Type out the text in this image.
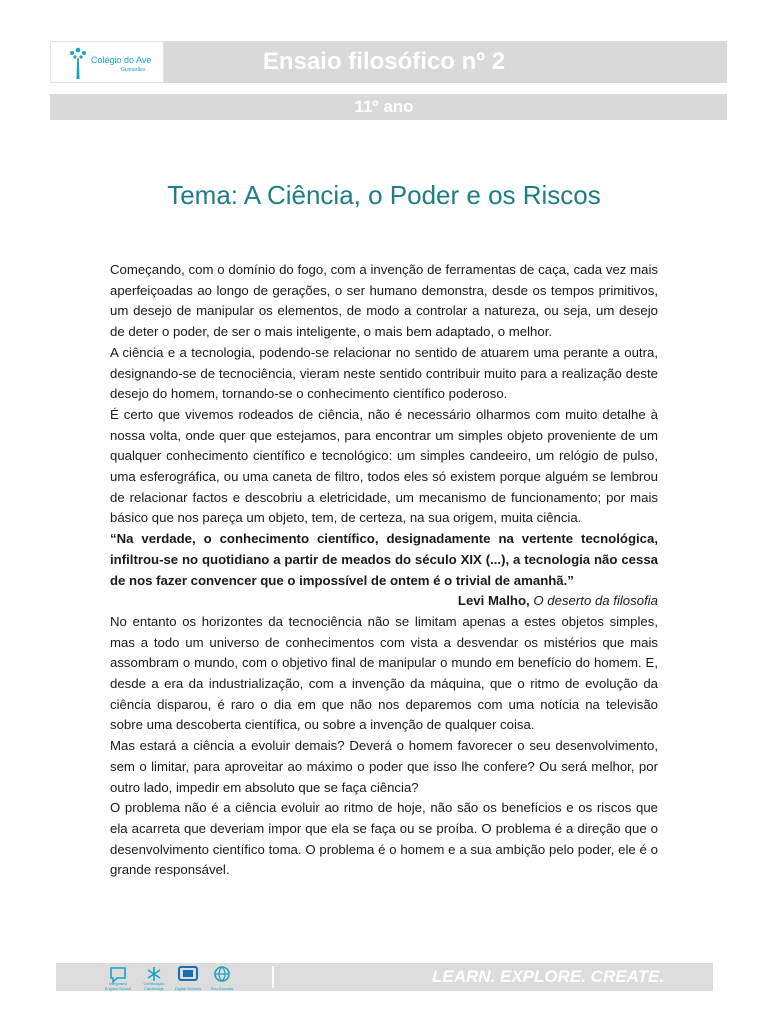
Colégio do Ave
Guimarães	Ensaio filosófico nº 2
11º ano
Tema: A Ciência, o Poder e os Riscos

Começando, com o domínio do fogo, com a invenção de ferramentas de caça, cada vez mais aperfeiçoadas ao longo de gerações, o ser humano demonstra, desde os tempos primitivos, um desejo de manipular os elementos, de modo a controlar a natureza, ou seja, um desejo de deter o poder, de ser o mais inteligente, o mais bem adaptado, o melhor.

A ciência e a tecnologia, podendo-se relacionar no sentido de atuarem uma perante a outra, designando-se de tecnociência, vieram neste sentido contribuir muito para a realização deste desejo do homem, tornando-se o conhecimento científico poderoso.

É certo que vivemos rodeados de ciência, não é necessário olharmos com muito detalhe à nossa volta, onde quer que estejamos, para encontrar um simples objeto proveniente de um qualquer conhecimento científico e tecnológico: um simples candeeiro, um relógio de pulso, uma esferográfica, ou uma caneta de filtro, todos eles só existem porque alguém se lembrou de relacionar factos e descobriu a eletricidade, um mecanismo de funcionamento; por mais básico que nos pareça um objeto, tem, de certeza, na sua origem, muita ciência.

“Na verdade, o conhecimento científico, designadamente na vertente tecnológica, infiltrou-se no quotidiano a partir de meados do século XIX (...), a tecnologia não cessa de nos fazer convencer que o impossível de ontem é o trivial de amanhã.”

Levi Malho, O deserto da filosofia

No entanto os horizontes da tecnociência não se limitam apenas a estes objetos simples, mas a todo um universo de conhecimentos com vista a desvendar os mistérios que mais assombram o mundo, com o objetivo final de manipular o mundo em benefício do homem. E, desde a era da industrialização, com a invenção da máquina, que o ritmo de evolução da ciência disparou, é raro o dia em que não nos deparemos com uma notícia na televisão sobre uma descoberta científica, ou sobre a invenção de qualquer coisa.

Mas estará a ciência a evoluir demais? Deverá o homem favorecer o seu desenvolvimento, sem o limitar, para aproveitar ao máximo o poder que isso lhe confere? Ou será melhor, por outro lado, impedir em absoluto que se faça ciência?

O problema não é a ciência evoluir ao ritmo de hoje, não são os benefícios e os riscos que ela acarreta que deveriam impor que ela se faça ou se proíba. O problema é a direção que o desenvolvimento científico toma. O problema é o homem e a sua ambição pelo poder, ele é o grande responsável.

Integrated English School
Certificação Cambridge	Digital Schools	Eco-Escolas
LEARN. EXPLORE. CREATE.
